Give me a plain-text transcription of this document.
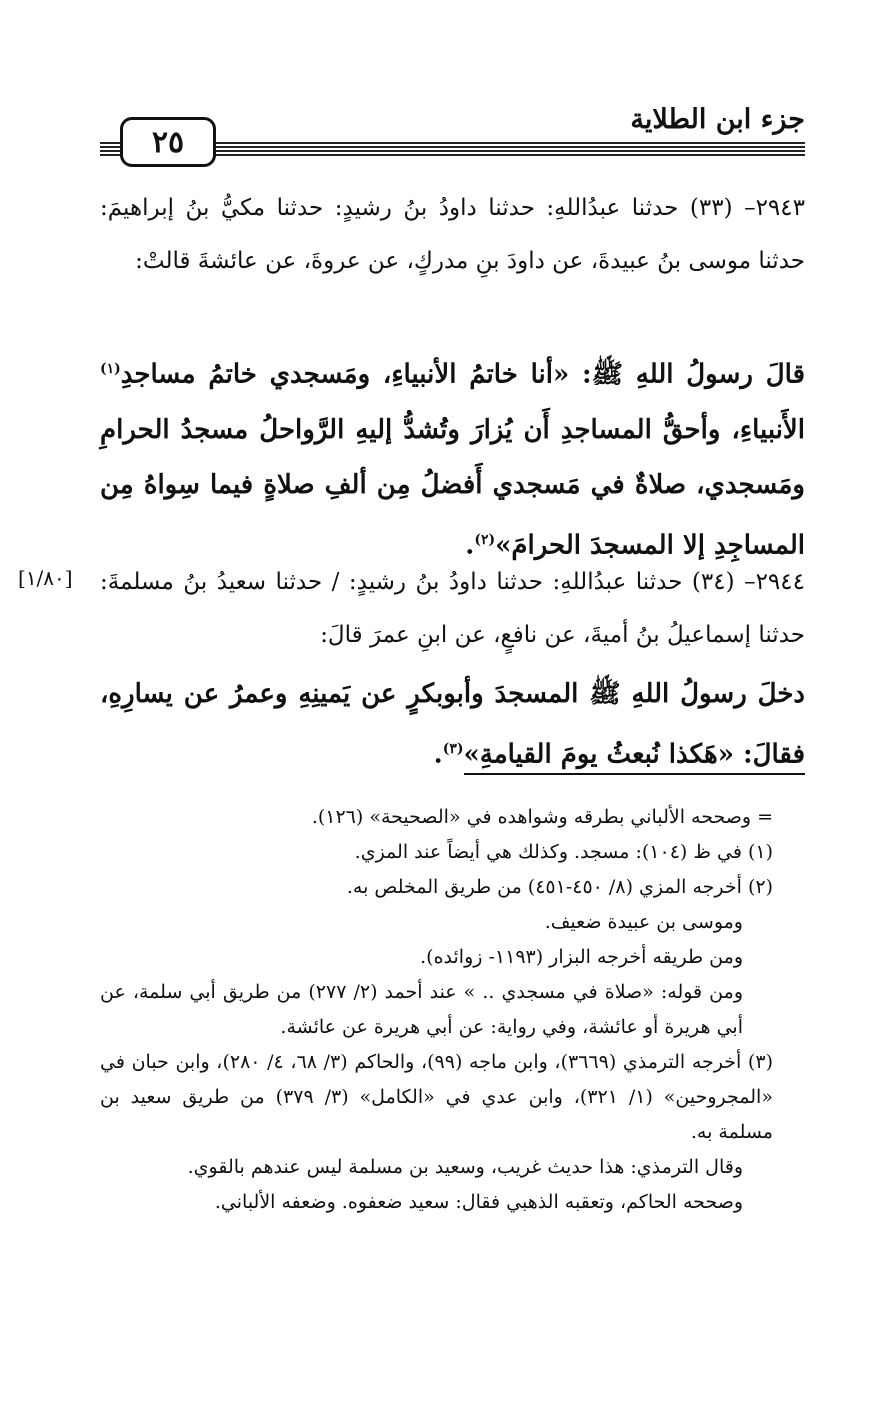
جزء ابن الطلاية
٢٥
٢٩٤٣– (٣٣) حدثنا عبدُاللهِ: حدثنا داودُ بنُ رشيدٍ: حدثنا مكيُّ بنُ إبراهيمَ: حدثنا موسى بنُ عبيدةَ، عن داودَ بنِ مدركٍ، عن عروةَ، عن عائشةَ قالتْ:
قالَ رسولُ اللهِ ﷺ: «أنا خاتمُ الأنبياءِ، ومَسجدي خاتمُ مساجدِ$^{(١)}$ الأَنبياءِ، وأحقُّ المساجدِ أَن يُزارَ وتُشدُّ إليهِ الرَّواحلُ مسجدُ الحرامِ ومَسجدي، صلاةٌ في مَسجدي أَفضلُ مِن ألفِ صلاةٍ فيما سِواهُ مِن المساجِدِ إلا المسجدَ الحرامَ»$^{(٢)}$.
[١/٨٠] ٢٩٤٤– (٣٤) حدثنا عبدُاللهِ: حدثنا داودُ بنُ رشيدٍ: / حدثنا سعيدُ بنُ مسلمةَ: حدثنا إسماعيلُ بنُ أميةَ، عن نافعٍ، عن ابنِ عمرَ قالَ:
دخلَ رسولُ اللهِ ﷺ المسجدَ وأبوبكرٍ عن يَمينِهِ وعمرُ عن يسارِهِ، فقالَ: «هَكذا نُبعثُ يومَ القيامةِ»$^{(٣)}$.

= وصححه الألباني بطرقه وشواهده في «الصحيحة» (١٢٦).

(١) في ظ (١٠٤): مسجد. وكذلك هي أيضاً عند المزي.

(٢) أخرجه المزي (٨/ ٤٥٠-٤٥١) من طريق المخلص به.

وموسى بن عبيدة ضعيف.

ومن طريقه أخرجه البزار (١١٩٣- زوائده).

ومن قوله: «صلاة في مسجدي .. » عند أحمد (٢/ ٢٧٧) من طريق أبي سلمة، عن أبي هريرة أو عائشة، وفي رواية: عن أبي هريرة عن عائشة.

(٣) أخرجه الترمذي (٣٦٦٩)، وابن ماجه (٩٩)، والحاكم (٣/ ٦٨، ٤/ ٢٨٠)، وابن حبان في «المجروحين» (١/ ٣٢١)، وابن عدي في «الكامل» (٣/ ٣٧٩) من طريق سعيد بن مسلمة به.

وقال الترمذي: هذا حديث غريب، وسعيد بن مسلمة ليس عندهم بالقوي.

وصححه الحاكم، وتعقبه الذهبي فقال: سعيد ضعفوه. وضعفه الألباني.
